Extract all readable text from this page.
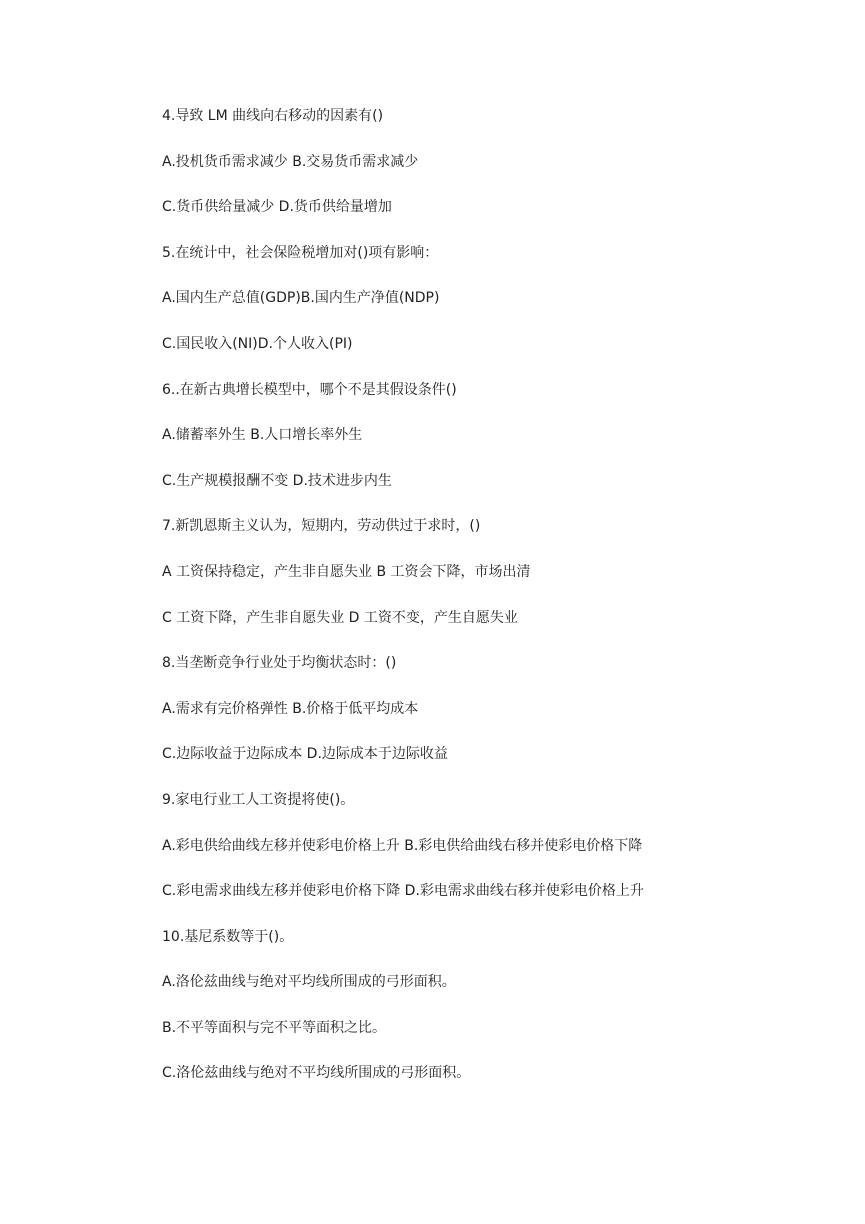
4.导致 LM 曲线向右移动的因素有()
A.投机货币需求减少 B.交易货币需求减少
C.货币供给量减少 D.货币供给量增加
5.在统计中，社会保险税增加对()项有影响：
A.国内生产总值(GDP)B.国内生产净值(NDP)
C.国民收入(NI)D.个人收入(PI)
6..在新古典增长模型中，哪个不是其假设条件()
A.储蓄率外生 B.人口增长率外生
C.生产规模报酬不变 D.技术进步内生
7.新凯恩斯主义认为，短期内，劳动供过于求时，()
A 工资保持稳定，产生非自愿失业 B 工资会下降，市场出清
C 工资下降，产生非自愿失业 D 工资不变，产生自愿失业
8.当垄断竞争行业处于均衡状态时：()
A.需求有完价格弹性 B.价格于低平均成本
C.边际收益于边际成本 D.边际成本于边际收益
9.家电行业工人工资提将使()。
A.彩电供给曲线左移并使彩电价格上升 B.彩电供给曲线右移并使彩电价格下降
C.彩电需求曲线左移并使彩电价格下降 D.彩电需求曲线右移并使彩电价格上升
10.基尼系数等于()。
A.洛伦兹曲线与绝对平均线所围成的弓形面积。
B.不平等面积与完不平等面积之比。
C.洛伦兹曲线与绝对不平均线所围成的弓形面积。
